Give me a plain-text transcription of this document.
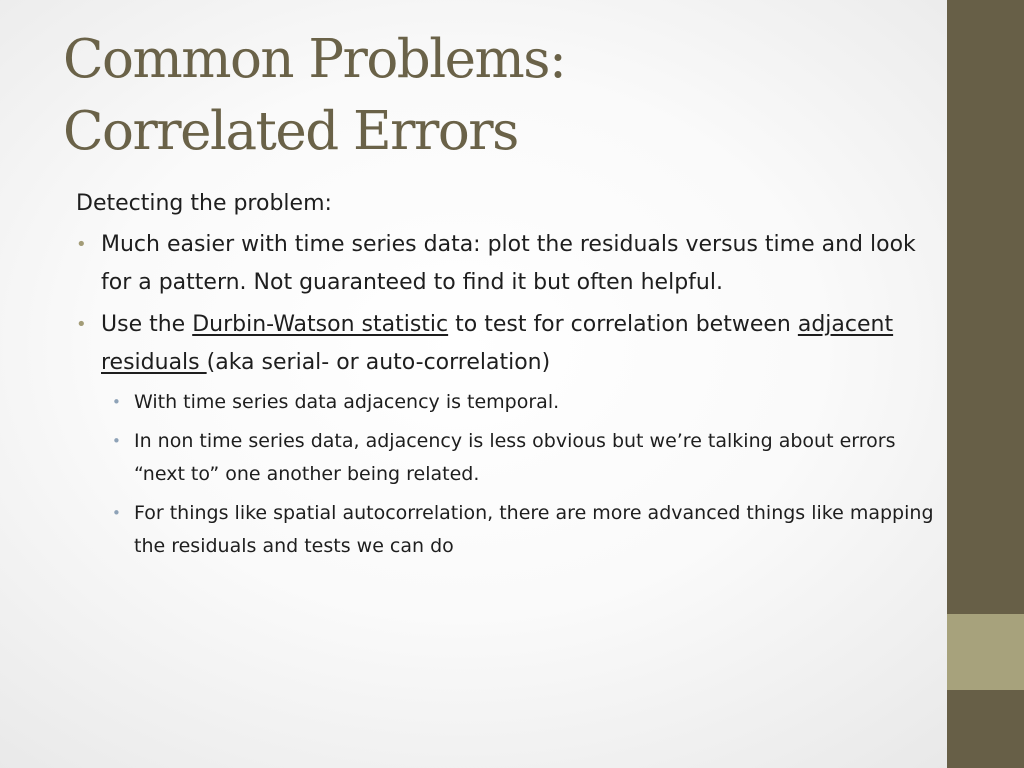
Common Problems:
Correlated Errors
Detecting the problem:
• Much easier with time series data: plot the residuals versus time and look for a pattern. Not guaranteed to find it but often helpful.
• Use the Durbin-Watson statistic to test for correlation between adjacent residuals (aka serial- or auto-correlation)
• With time series data adjacency is temporal.
• In non time series data, adjacency is less obvious but we’re talking about errors “next to” one another being related.
• For things like spatial autocorrelation, there are more advanced things like mapping the residuals and tests we can do
